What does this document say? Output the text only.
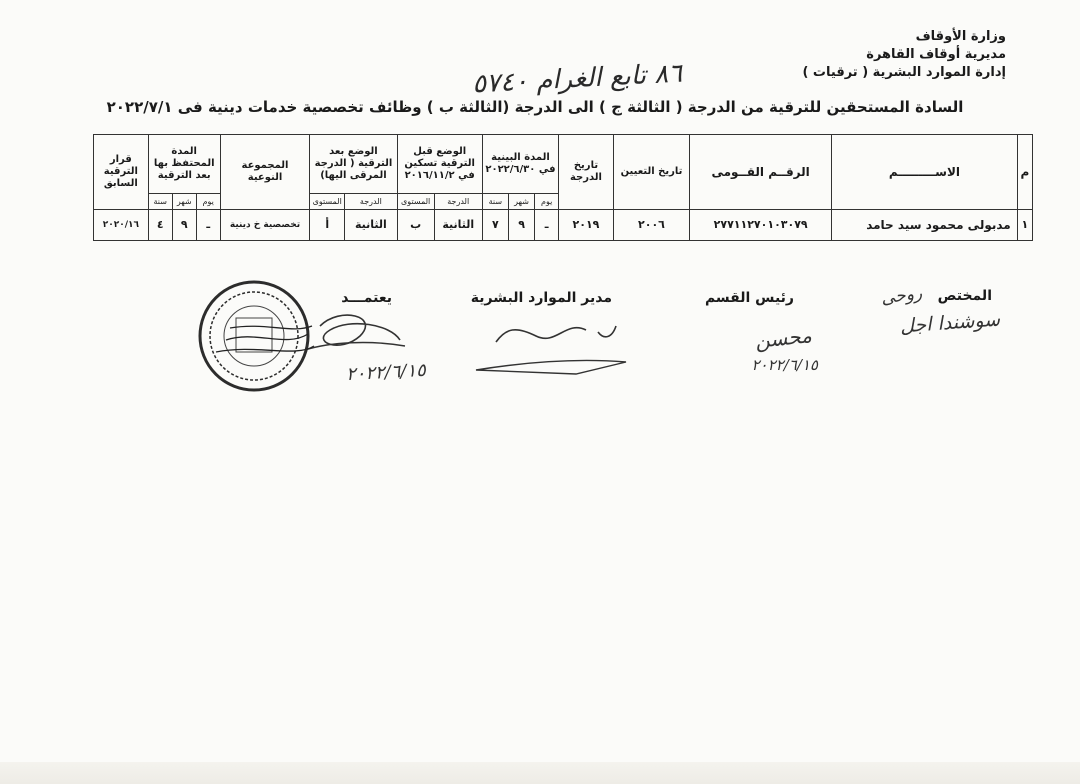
وزارة الأوقاف
مديرية أوقاف القاهرة
إدارة الموارد البشرية ( ترقيات )
٨٦ تابع الغرام ٥٧٤٠
السادة المستحقين للترقية من الدرجة ( الثالثة ج ) الى الدرجة (الثالثة ب ) وظائف تخصصية خدمات دينية فى ٢٠٢٢/٧/١
م	الاســـــــــم	الرقــم القــومى	تاريخ التعيين	تاريخ الدرجة	المدة البينية في ٢٠٢٢/٦/٣٠			الوضع قبل الترقية تسكين في ٢٠١٦/١١/٢		الوضع بعد الترقية ( الدرجة المرقى اليها)		المجموعة النوعية	المدة المحتفظ بها بعد الترقية			قرار الترقية السابق
					يوم	شهر	سنة	الدرجة	المستوى	الدرجة	المستوى		يوم	شهر	سنة	
١	مدبولى محمود سيد حامد	٢٧٧١١٢٧٠١٠٣٠٧٩	٢٠٠٦	٢٠١٩	ـ	٩	٧	الثانية	ب	الثانية	أ	تخصصية خ دينية	ـ	٩	٤	٢٠٢٠/١٦
المختص
رئيس القسم
مدير الموارد البشرية
يعتمـــد	روحى
سوشندا اجل
محسن
٢٠٢٢/٦/١٥
٢٠٢٢/٦/١٥
